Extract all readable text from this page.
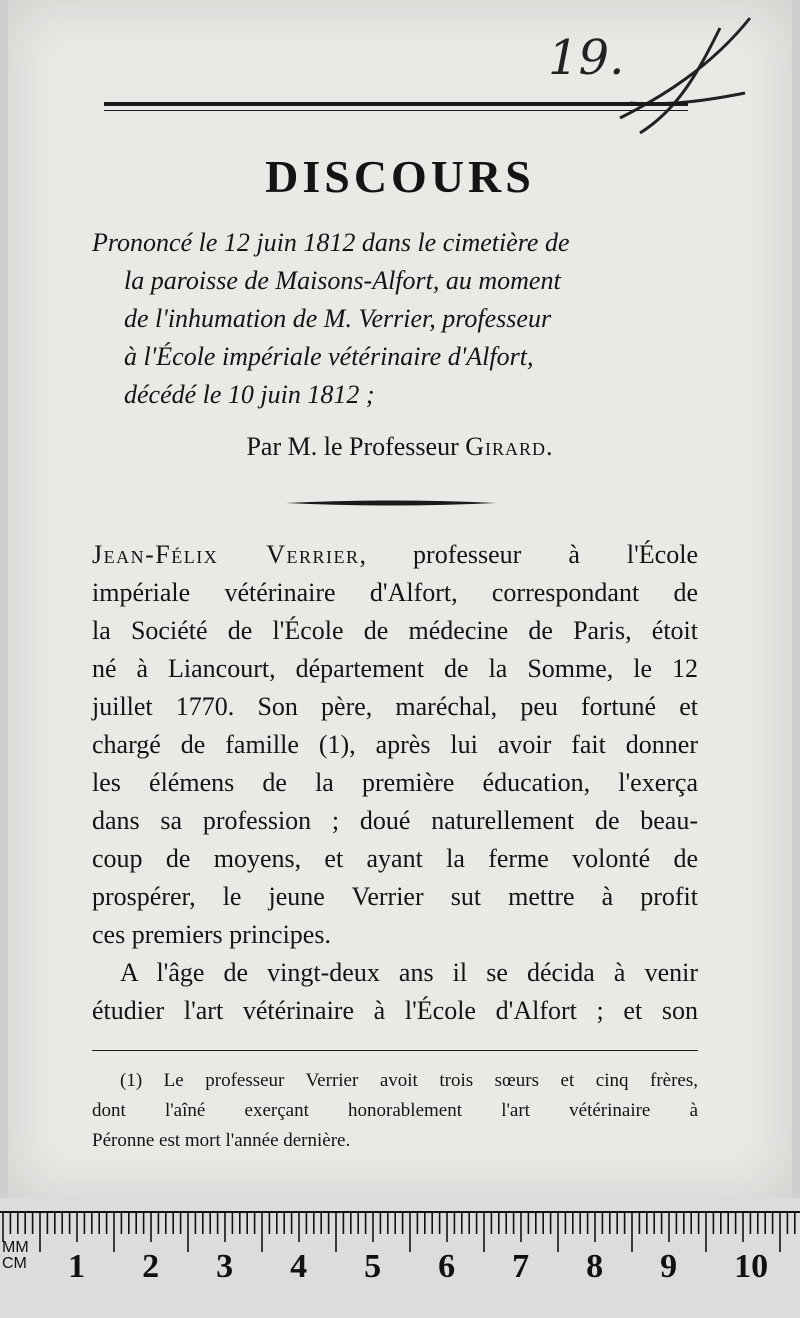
19.
DISCOURS
Prononcé le 12 juin 1812 dans le cimetière de
la paroisse de Maisons-Alfort, au moment
de l'inhumation de M. Verrier, professeur
à l'École impériale vétérinaire d'Alfort,
décédé le 10 juin 1812 ;
Par M. le Professeur Girard.
Jean-Félix Verrier, professeur à l'École
impériale vétérinaire d'Alfort, correspondant de
la Société de l'École de médecine de Paris, étoit
né à Liancourt, département de la Somme, le 12
juillet 1770. Son père, maréchal, peu fortuné et
chargé de famille (1), après lui avoir fait donner
les élémens de la première éducation, l'exerça
dans sa profession ; doué naturellement de beau-
coup de moyens, et ayant la ferme volonté de
prospérer, le jeune Verrier sut mettre à profit
ces premiers principes.
A l'âge de vingt-deux ans il se décida à venir
étudier l'art vétérinaire à l'École d'Alfort ; et son
(1) Le professeur Verrier avoit trois sœurs et cinq frères,
dont l'aîné exerçant honorablement l'art vétérinaire à
Péronne est mort l'année dernière.
MM
CM 1 2 3 4 5 6 7 8 9 10
